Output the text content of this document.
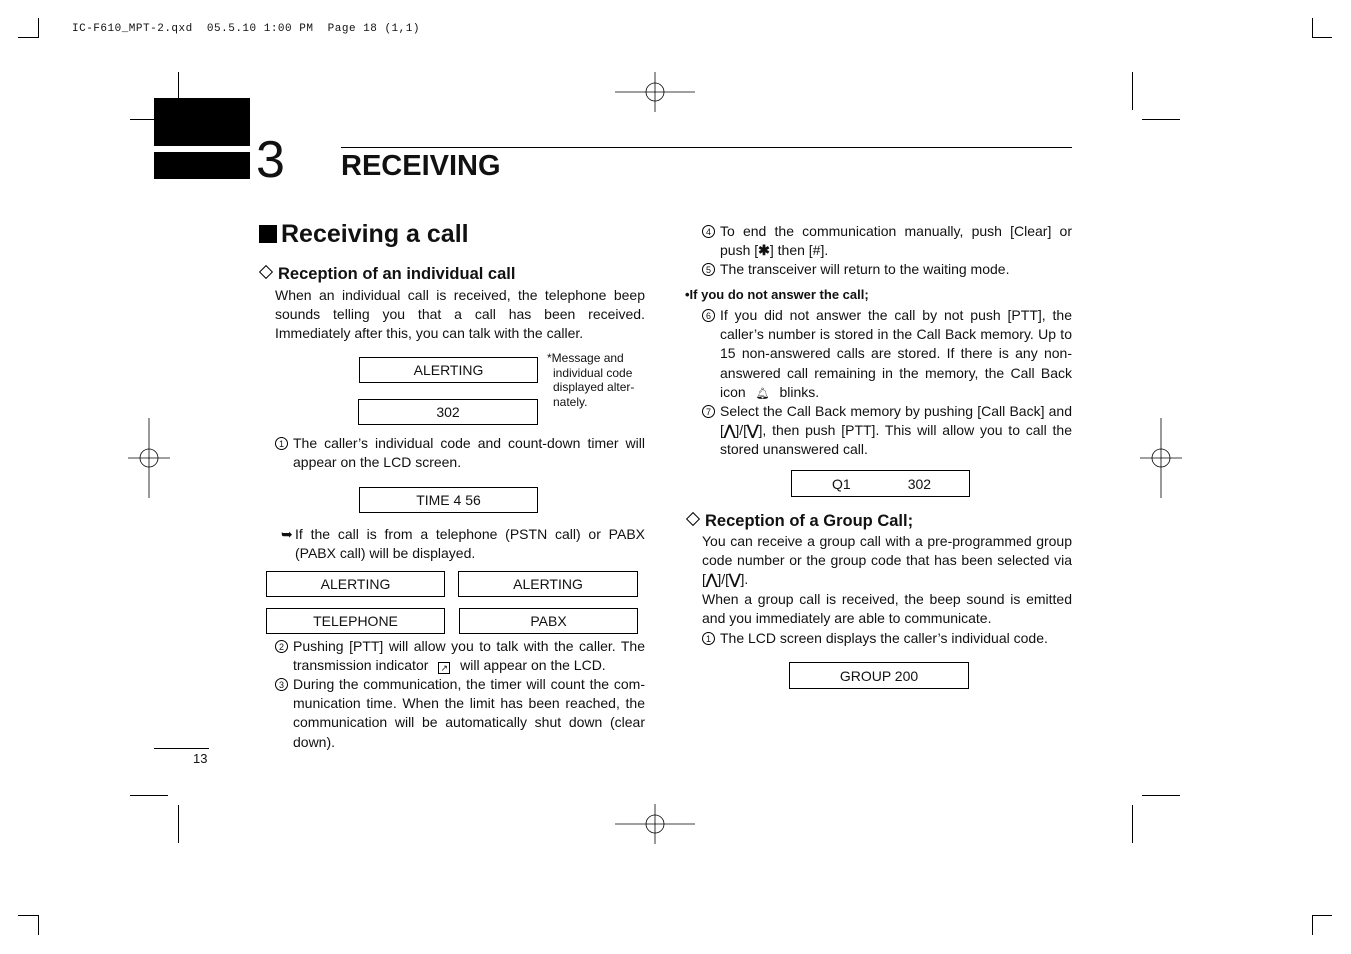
IC-F610_MPT-2.qxd  05.5.10 1:00 PM  Page 18 (1,1)
3 RECEIVING
Receiving a call
Reception of an individual call
When an individual call is received, the telephone beep sounds telling you that a call has been received. Immediately after this, you can talk with the caller.
ALERTING
302
*Message and individual code displayed alter- nately.
1 The caller’s individual code and count-down timer will appear on the LCD screen.
TIME 4 56
➥ If the call is from a telephone (PSTN call) or PABX (PABX call) will be displayed.
ALERTING	ALERTING
TELEPHONE	PABX
2 Pushing [PTT] will allow you to talk with the caller. The transmission indicator ↗ will appear on the LCD.
3 During the communication, the timer will count the com- munication time. When the limit has been reached, the communication will be automatically shut down (clear down).
13
4 To end the communication manually, push [Clear] or push [✱] then [#].
5 The transceiver will return to the waiting mode.
•If you do not answer the call;
6 If you did not answer the call by not push [PTT], the caller’s number is stored in the Call Back memory. Up to 15 non-answered calls are stored. If there is any non- answered call remaining in the memory, the Call Back icon 🔔︎ blinks.
7 Select the Call Back memory by pushing [Call Back] and [⋀]/[⋁], then push [PTT]. This will allow you to call the stored unanswered call.
Q1	302
Reception of a Group Call;
You can receive a group call with a pre-programmed group code number or the group code that has been selected via [⋀]/[⋁].
When a group call is received, the beep sound is emitted and you immediately are able to communicate.
1 The LCD screen displays the caller’s individual code.
GROUP 200
